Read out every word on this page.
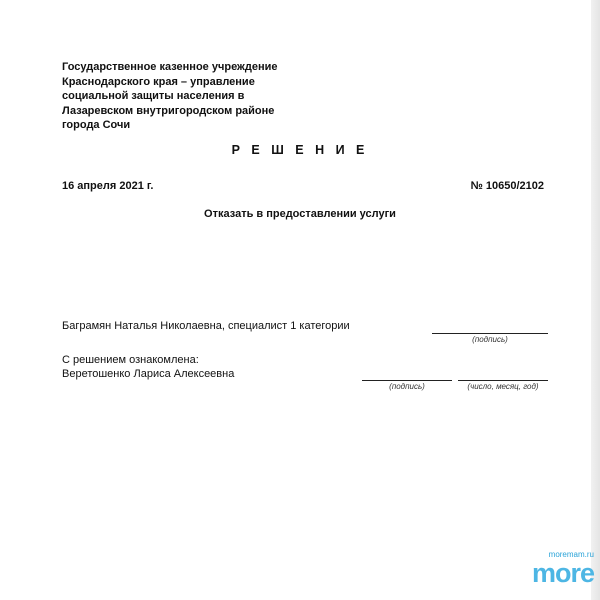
Государственное казенное учреждение
Краснодарского края – управление
социальной защиты населения в
Лазаревском внутригородском районе
города Сочи
Р Е Ш Е Н И Е
16 апреля 2021 г.	№ 10650/2102
Отказать в предоставлении услуги
Баграмян Наталья Николаевна, специалист 1 категории
(подпись)
С решением ознакомлена:
Веретошенко Лариса Алексеевна
(подпись)	(число, месяц, год)
moremam.ru
more
